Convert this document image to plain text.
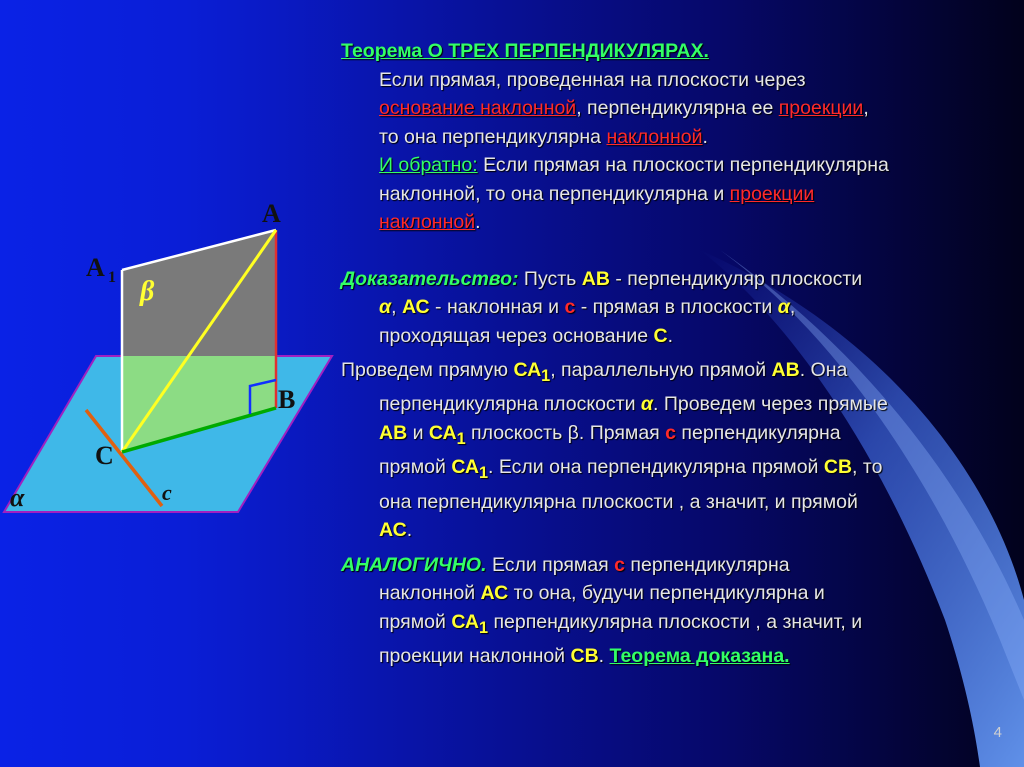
A
A 1
B
C
c
α
β

Теорема О ТРЕХ ПЕРПЕНДИКУЛЯРАХ.

Если прямая, проведенная на плоскости через
основание наклонной, перпендикулярна ее проекции,
то она перпендикулярна наклонной.
И обратно: Если прямая на плоскости перпендикулярна
наклонной, то она перпендикулярна и проекции
наклонной.

Доказательство: Пусть АВ - перпендикуляр плоскости
α, АС - наклонная и с - прямая в плоскости α,
проходящая через основание С.

Проведем прямую $СА_1$, параллельную прямой АВ. Она
перпендикулярна плоскости α. Проведем через прямые
АВ и $СА_1$ плоскость β. Прямая с перпендикулярна
прямой $СА_1$. Если она перпендикулярна прямой СВ, то
она перпендикулярна плоскости , а значит, и прямой
АС.

АНАЛОГИЧНО. Если прямая с перпендикулярна
наклонной АС то она, будучи перпендикулярна и
прямой $СА_1$ перпендикулярна плоскости , а значит, и
проекции наклонной СВ. Теорема доказана.

4
